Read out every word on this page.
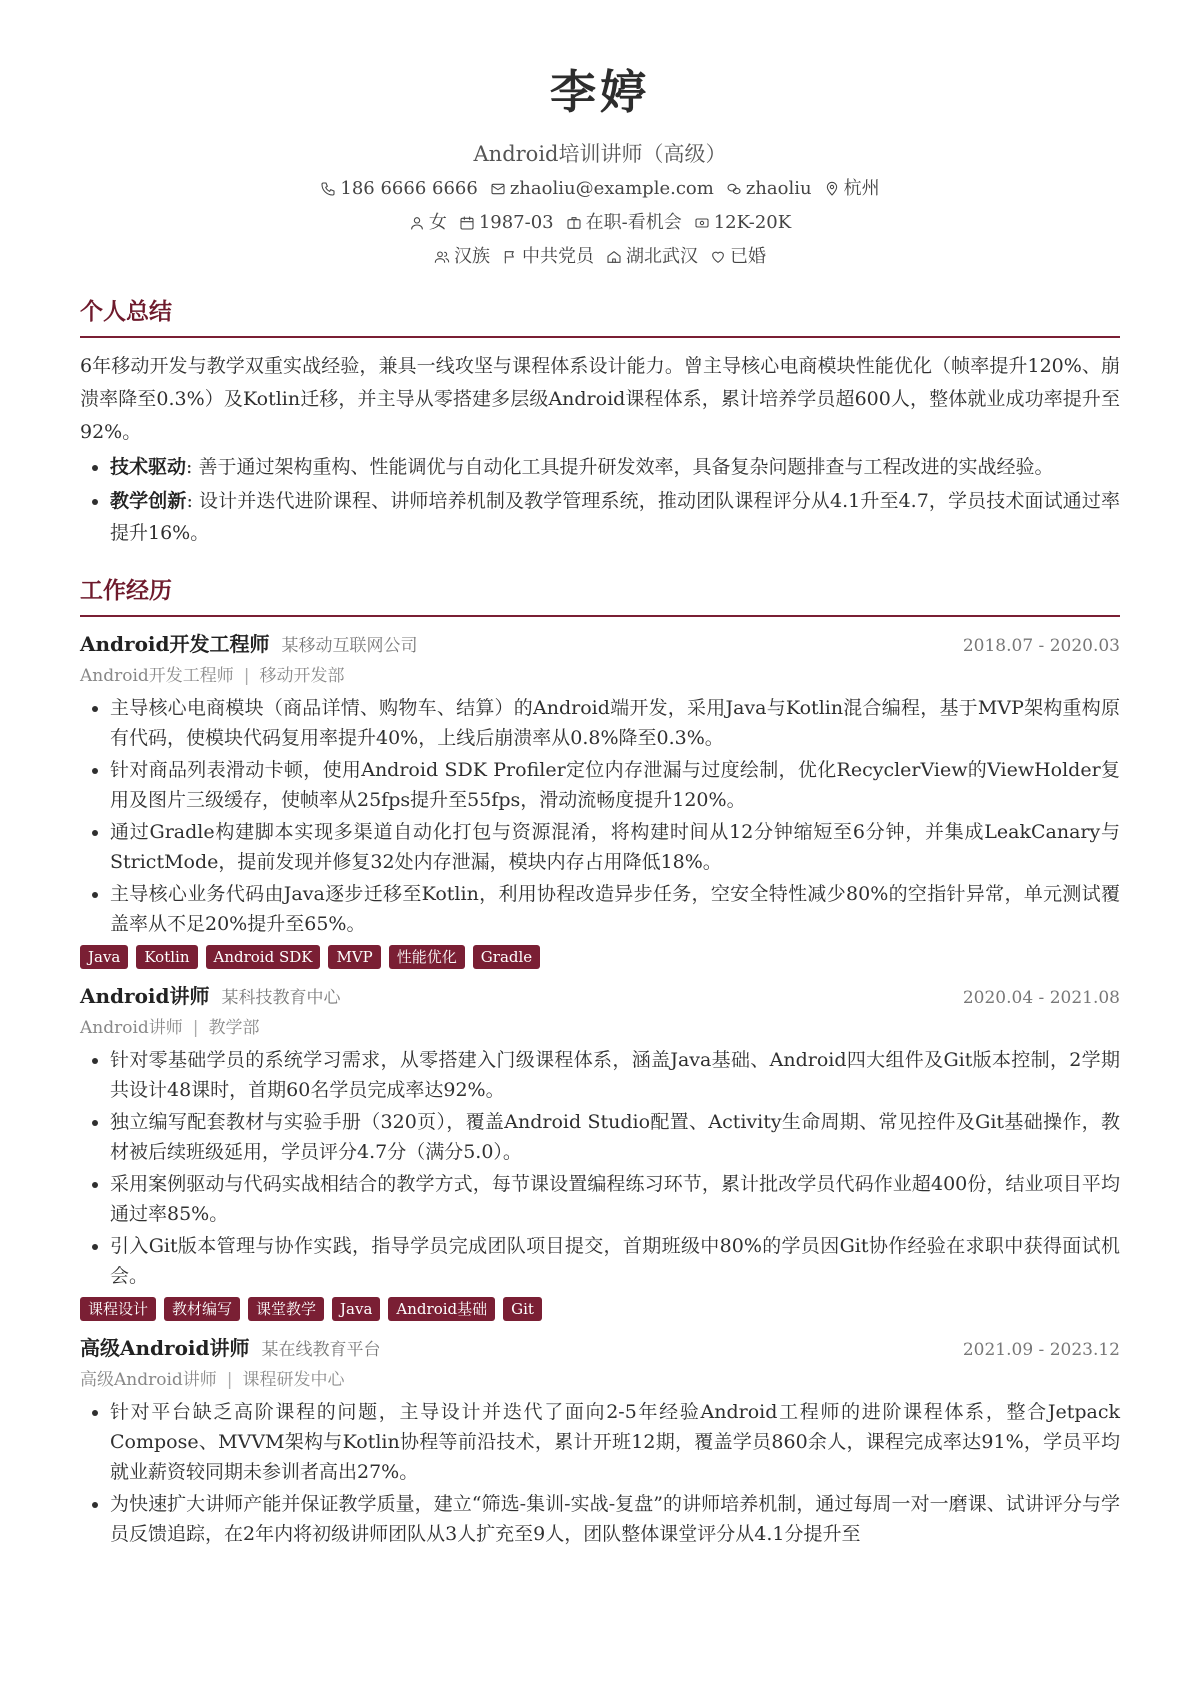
李婷
Android培训讲师（高级）
186 6666 6666 zhaoliu@example.com zhaoliu 杭州
女 1987-03 在职-看机会 12K-20K
汉族 中共党员 湖北武汉 已婚
个人总结
6年移动开发与教学双重实战经验，兼具一线攻坚与课程体系设计能力。曾主导核心电商模块性能优化（帧率提升120%、崩溃率降至0.3%）及Kotlin迁移，并主导从零搭建多层级Android课程体系，累计培养学员超600人，整体就业成功率提升至92%。
• 技术驱动: 善于通过架构重构、性能调优与自动化工具提升研发效率，具备复杂问题排查与工程改进的实战经验。
• 教学创新: 设计并迭代进阶课程、讲师培养机制及教学管理系统，推动团队课程评分从4.1升至4.7，学员技术面试通过率提升16%。
工作经历
Android开发工程师 某移动互联网公司	2018.07 - 2020.03
Android开发工程师 | 移动开发部
• 主导核心电商模块（商品详情、购物车、结算）的Android端开发，采用Java与Kotlin混合编程，基于MVP架构重构原有代码，使模块代码复用率提升40%，上线后崩溃率从0.8%降至0.3%。
• 针对商品列表滑动卡顿，使用Android SDK Profiler定位内存泄漏与过度绘制，优化RecyclerView的ViewHolder复用及图片三级缓存，使帧率从25fps提升至55fps，滑动流畅度提升120%。
• 通过Gradle构建脚本实现多渠道自动化打包与资源混淆，将构建时间从12分钟缩短至6分钟，并集成LeakCanary与StrictMode，提前发现并修复32处内存泄漏，模块内存占用降低18%。
• 主导核心业务代码由Java逐步迁移至Kotlin，利用协程改造异步任务，空安全特性减少80%的空指针异常，单元测试覆盖率从不足20%提升至65%。
Java	Kotlin	Android SDK	MVP	性能优化	Gradle
Android讲师 某科技教育中心	2020.04 - 2021.08
Android讲师 | 教学部
• 针对零基础学员的系统学习需求，从零搭建入门级课程体系，涵盖Java基础、Android四大组件及Git版本控制，2学期共设计48课时，首期60名学员完成率达92%。
• 独立编写配套教材与实验手册（320页），覆盖Android Studio配置、Activity生命周期、常见控件及Git基础操作，教材被后续班级延用，学员评分4.7分（满分5.0）。
• 采用案例驱动与代码实战相结合的教学方式，每节课设置编程练习环节，累计批改学员代码作业超400份，结业项目平均通过率85%。
• 引入Git版本管理与协作实践，指导学员完成团队项目提交，首期班级中80%的学员因Git协作经验在求职中获得面试机会。
课程设计	教材编写	课堂教学	Java	Android基础	Git
高级Android讲师 某在线教育平台	2021.09 - 2023.12
高级Android讲师 | 课程研发中心
• 针对平台缺乏高阶课程的问题，主导设计并迭代了面向2-5年经验Android工程师的进阶课程体系，整合Jetpack Compose、MVVM架构与Kotlin协程等前沿技术，累计开班12期，覆盖学员860余人，课程完成率达91%，学员平均就业薪资较同期未参训者高出27%。
• 为快速扩大讲师产能并保证教学质量，建立“筛选-集训-实战-复盘”的讲师培养机制，通过每周一对一磨课、试讲评分与学员反馈追踪，在2年内将初级讲师团队从3人扩充至9人，团队整体课堂评分从4.1分提升至
